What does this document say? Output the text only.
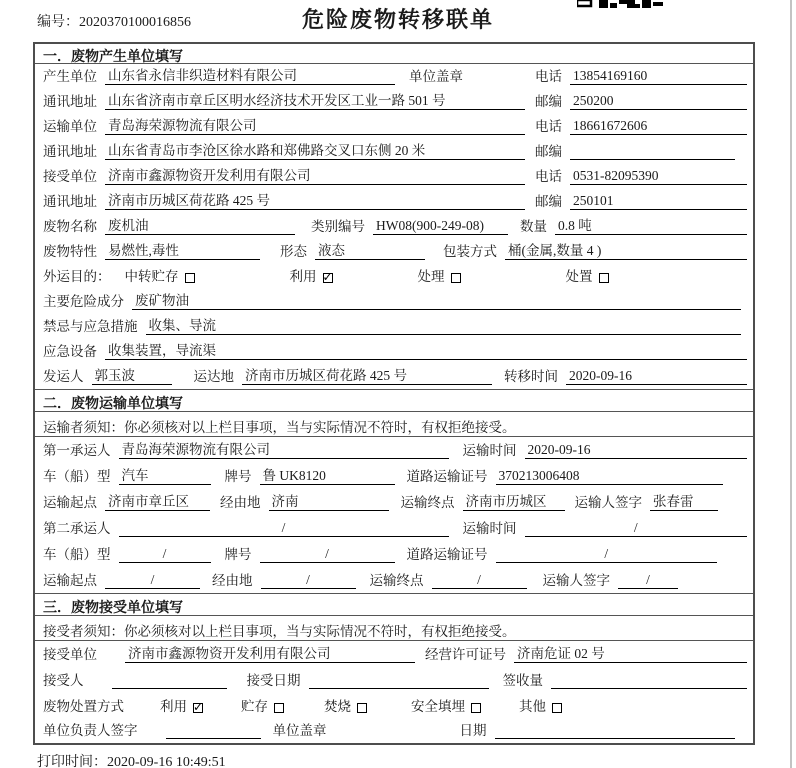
编号：2020370100016856	危险废物转移联单
一．废物产生单位填写
产生单位 山东省永信非织造材料有限公司	单位盖章	电话 13854169160
通讯地址 山东省济南市章丘区明水经济技术开发区工业一路 501 号	邮编 250200
运输单位 青岛海荣源物流有限公司	电话 18661672606
通讯地址 山东省青岛市李沧区徐水路和郑佛路交叉口东侧 20 米	邮编
接受单位 济南市鑫源物资开发利用有限公司	电话 0531-82095390
通讯地址 济南市历城区荷花路 425 号	邮编 250101
废物名称 废机油	类别编号 HW08(900-249-08)	数量 0.8 吨
废物特性 易燃性,毒性	形态 液态	包装方式 桶(金属,数量 4 )
外运目的： 中转贮存	利用 ✓	处理	处置
主要危险成分 废矿物油
禁忌与应急措施 收集、导流
应急设备 收集装置，导流渠
发运人 郭玉波	运达地 济南市历城区荷花路 425 号	转移时间 2020-09-16
二．废物运输单位填写
运输者须知：你必须核对以上栏目事项，当与实际情况不符时，有权拒绝接受。
第一承运人 青岛海荣源物流有限公司	运输时间 2020-09-16
车（船）型 汽车	牌号 鲁 UK8120	道路运输证号 370213006408
运输起点 济南市章丘区	经由地 济南	运输终点 济南市历城区	运输人签字 张春雷
第二承运人	/	运输时间	/
车（船）型	/	牌号	/	道路运输证号	/
运输起点	/	经由地	/	运输终点	/	运输人签字	/
三．废物接受单位填写
接受者须知：你必须核对以上栏目事项，当与实际情况不符时，有权拒绝接受。
接受单位 济南市鑫源物资开发利用有限公司	经营许可证号 济南危证 02 号
接受人	接受日期	签收量
废物处置方式	利用 ✓	贮存	焚烧	安全填埋	其他
单位负责人签字	单位盖章	日期
打印时间：2020-09-16 10:49:51
